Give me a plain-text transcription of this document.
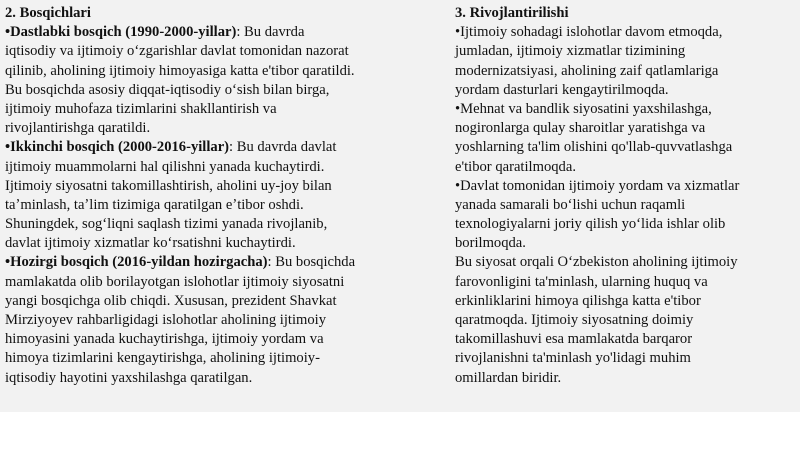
2. Bosqichlari
•Dastlabki bosqich (1990-2000-yillar): Bu davrda
iqtisodiy va ijtimoiy oʻzgarishlar davlat tomonidan nazorat
qilinib, aholining ijtimoiy himoyasiga katta e'tibor qaratildi.
Bu bosqichda asosiy diqqat-iqtisodiy oʻsish bilan birga,
ijtimoiy muhofaza tizimlarini shakllantirish va
rivojlantirishga qaratildi.
•Ikkinchi bosqich (2000-2016-yillar): Bu davrda davlat
ijtimoiy muammolarni hal qilishni yanada kuchaytirdi.
Ijtimoiy siyosatni takomillashtirish, aholini uy-joy bilan
taʼminlash, taʼlim tizimiga qaratilgan eʼtibor oshdi.
Shuningdek, sogʻliqni saqlash tizimi yanada rivojlanib,
davlat ijtimoiy xizmatlar koʻrsatishni kuchaytirdi.
•Hozirgi bosqich (2016-yildan hozirgacha): Bu bosqichda
mamlakatda olib borilayotgan islohotlar ijtimoiy siyosatni
yangi bosqichga olib chiqdi. Xususan, prezident Shavkat
Mirziyoyev rahbarligidagi islohotlar aholining ijtimoiy
himoyasini yanada kuchaytirishga, ijtimoiy yordam va
himoya tizimlarini kengaytirishga, aholining ijtimoiy-
iqtisodiy hayotini yaxshilashga qaratilgan.
3. Rivojlantirilishi
•Ijtimoiy sohadagi islohotlar davom etmoqda,
jumladan, ijtimoiy xizmatlar tizimining
modernizatsiyasi, aholining zaif qatlamlariga
yordam dasturlari kengaytirilmoqda.
•Mehnat va bandlik siyosatini yaxshilashga,
nogironlarga qulay sharoitlar yaratishga va
yoshlarning ta'lim olishini qo'llab-quvvatlashga
e'tibor qaratilmoqda.
•Davlat tomonidan ijtimoiy yordam va xizmatlar
yanada samarali boʻlishi uchun raqamli
texnologiyalarni joriy qilish yoʻlida ishlar olib
borilmoqda.
Bu siyosat orqali Oʻzbekiston aholining ijtimoiy
farovonligini ta'minlash, ularning huquq va
erkinliklarini himoya qilishga katta e'tibor
qaratmoqda. Ijtimoiy siyosatning doimiy
takomillashuvi esa mamlakatda barqaror
rivojlanishni ta'minlash yo'lidagi muhim
omillardan biridir.
